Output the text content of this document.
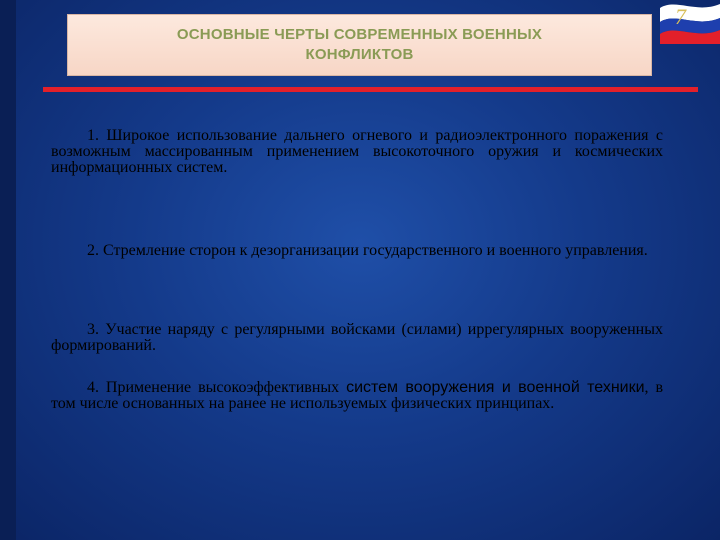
ОСНОВНЫЕ ЧЕРТЫ СОВРЕМЕННЫХ ВОЕННЫХ
КОНФЛИКТОВ
7

1. Широкое использование дальнего огневого и радиоэлектронного поражения с возможным массированным применением высокоточного оружия и космических информационных систем.

2. Стремление сторон к дезорганизации государственного и военного управления.

3. Участие наряду с регулярными войсками (силами) иррегулярных вооруженных формирований.

4. Применение высокоэффективных систем вооружения и военной техники, в том числе основанных на ранее не используемых физических принципах.
